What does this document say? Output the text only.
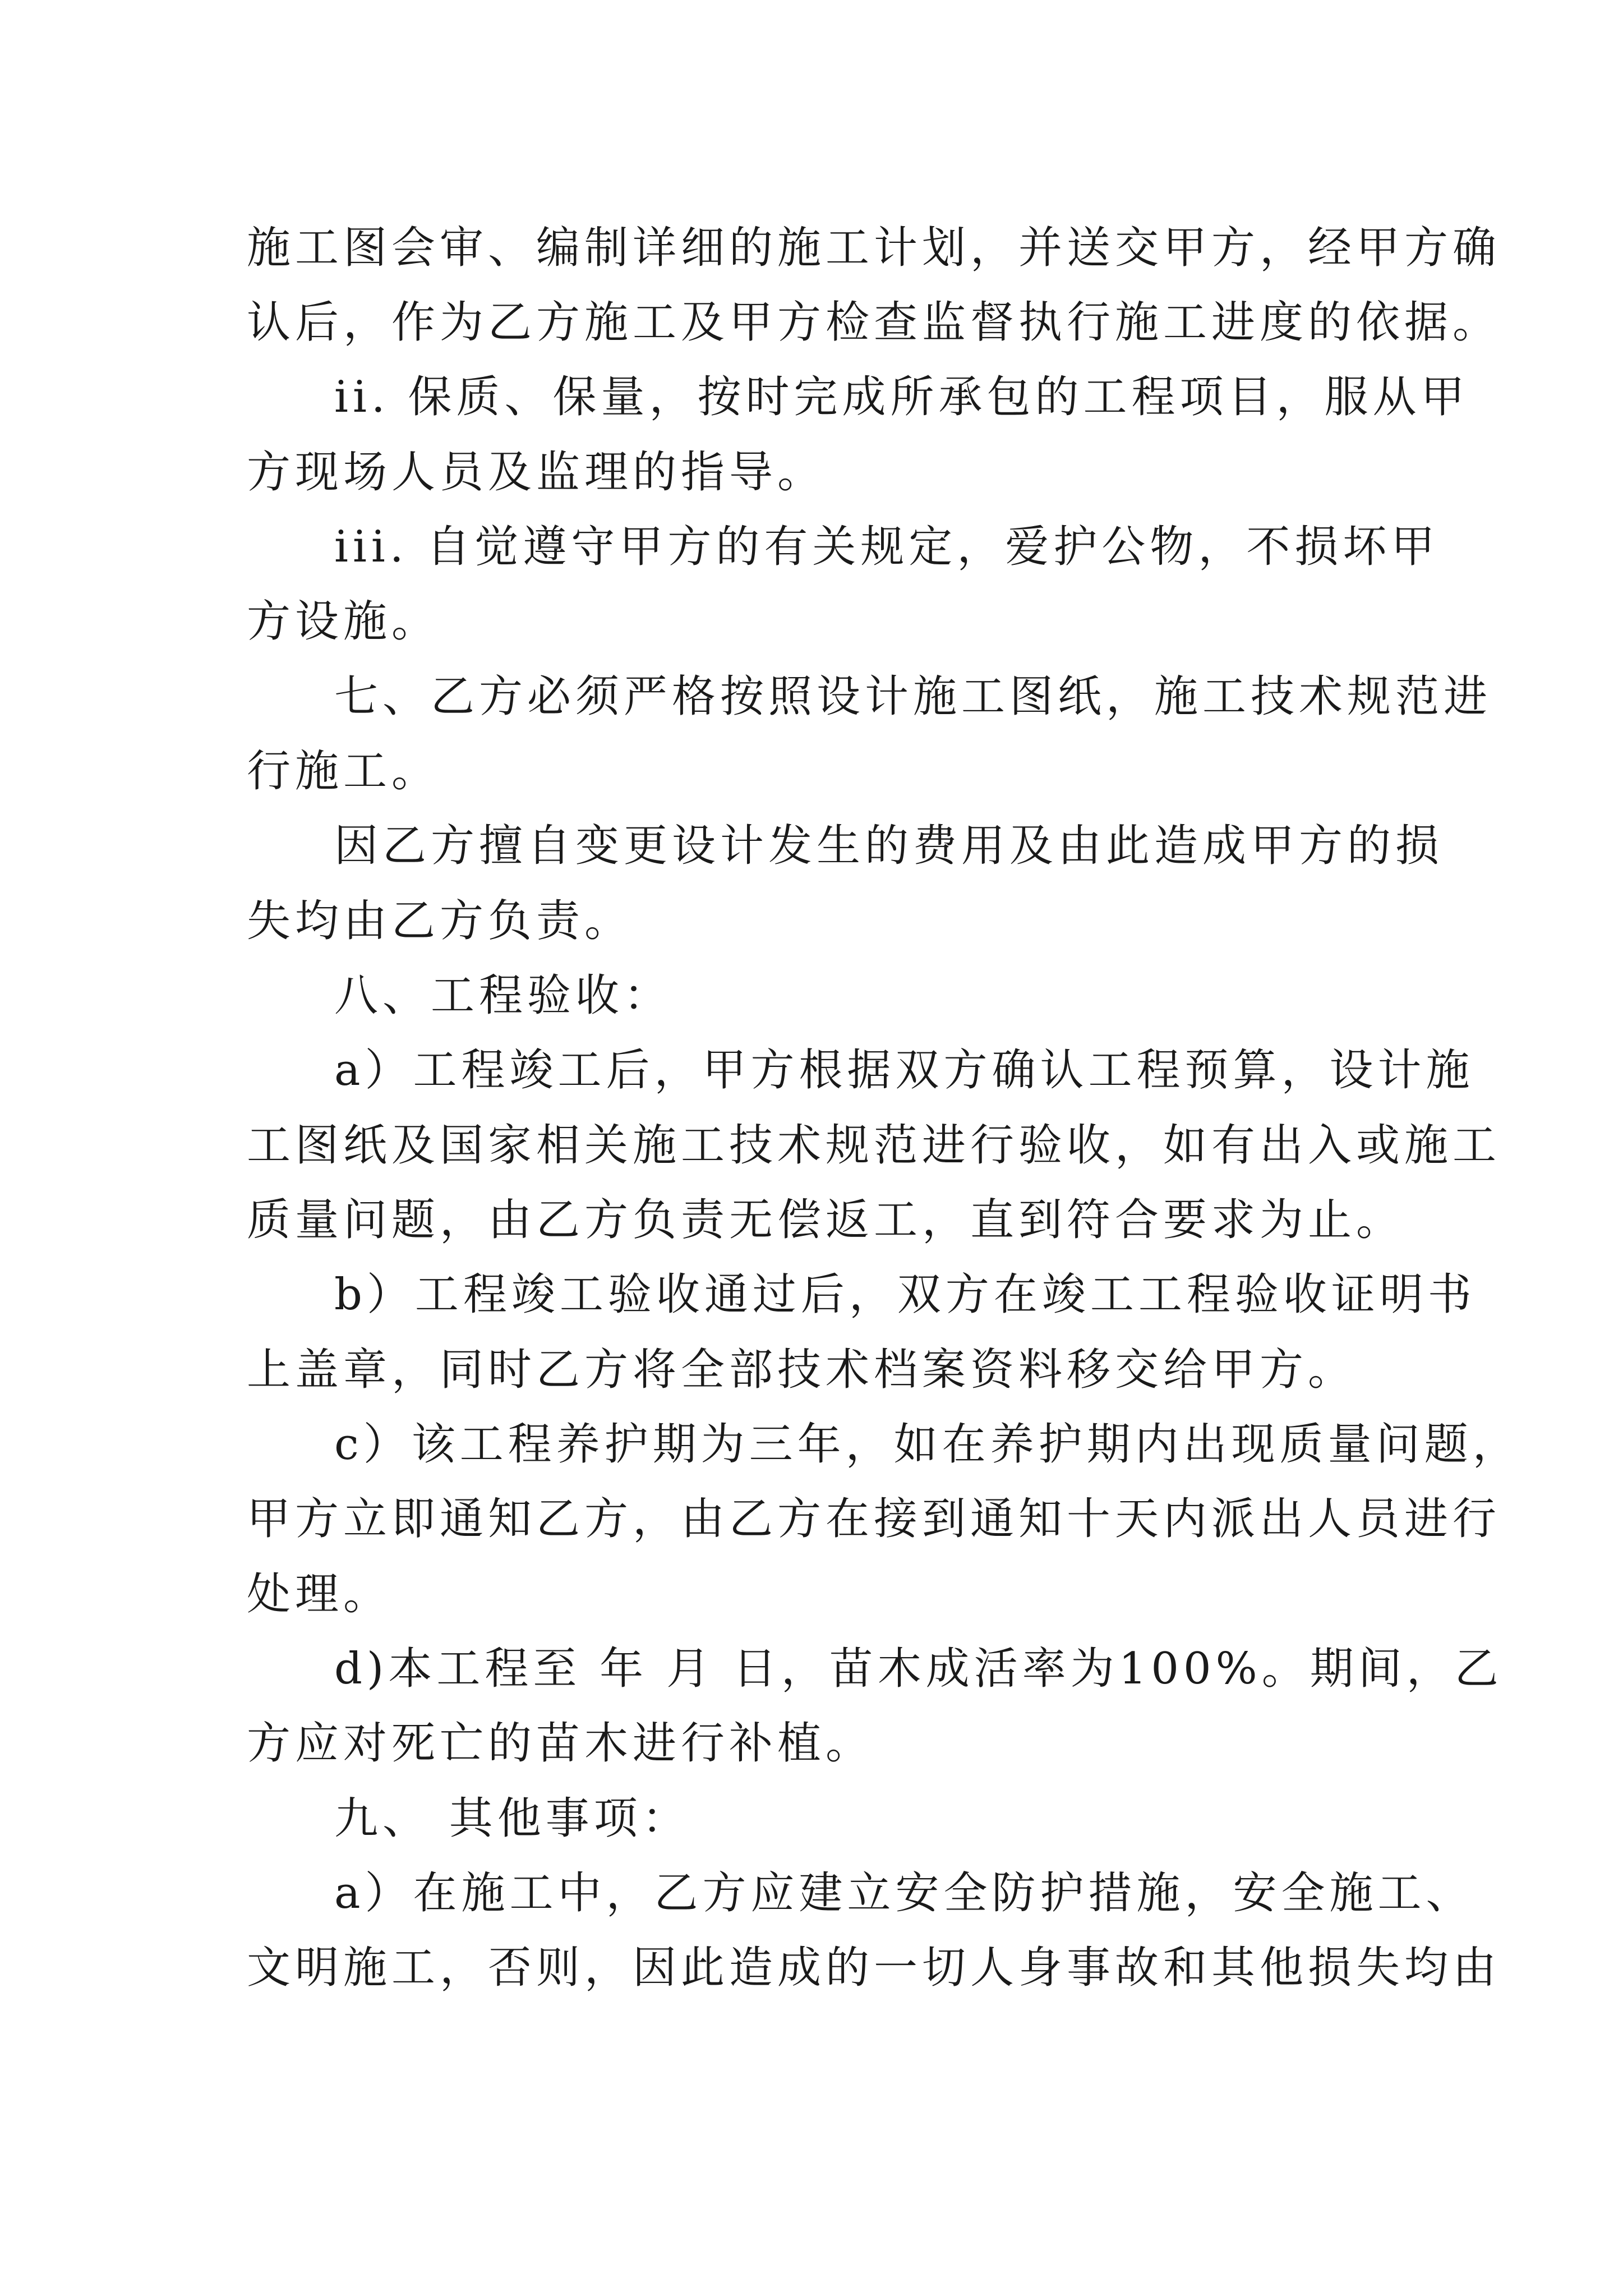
施工图会审、编制详细的施工计划，并送交甲方，经甲方确
认后，作为乙方施工及甲方检查监督执行施工进度的依据。
ii. 保质、保量，按时完成所承包的工程项目，服从甲
方现场人员及监理的指导。
iii. 自觉遵守甲方的有关规定，爱护公物，不损坏甲
方设施。
七、乙方必须严格按照设计施工图纸，施工技术规范进
行施工。
因乙方擅自变更设计发生的费用及由此造成甲方的损
失均由乙方负责。
八、工程验收：
a）工程竣工后，甲方根据双方确认工程预算，设计施
工图纸及国家相关施工技术规范进行验收，如有出入或施工
质量问题，由乙方负责无偿返工，直到符合要求为止。
b）工程竣工验收通过后，双方在竣工工程验收证明书
上盖章，同时乙方将全部技术档案资料移交给甲方。
c）该工程养护期为三年，如在养护期内出现质量问题，
甲方立即通知乙方，由乙方在接到通知十天内派出人员进行
处理。
d)本工程至 年 月 日，苗木成活率为100%。期间，乙
方应对死亡的苗木进行补植。
九、 其他事项：
a）在施工中，乙方应建立安全防护措施，安全施工、
文明施工，否则，因此造成的一切人身事故和其他损失均由
